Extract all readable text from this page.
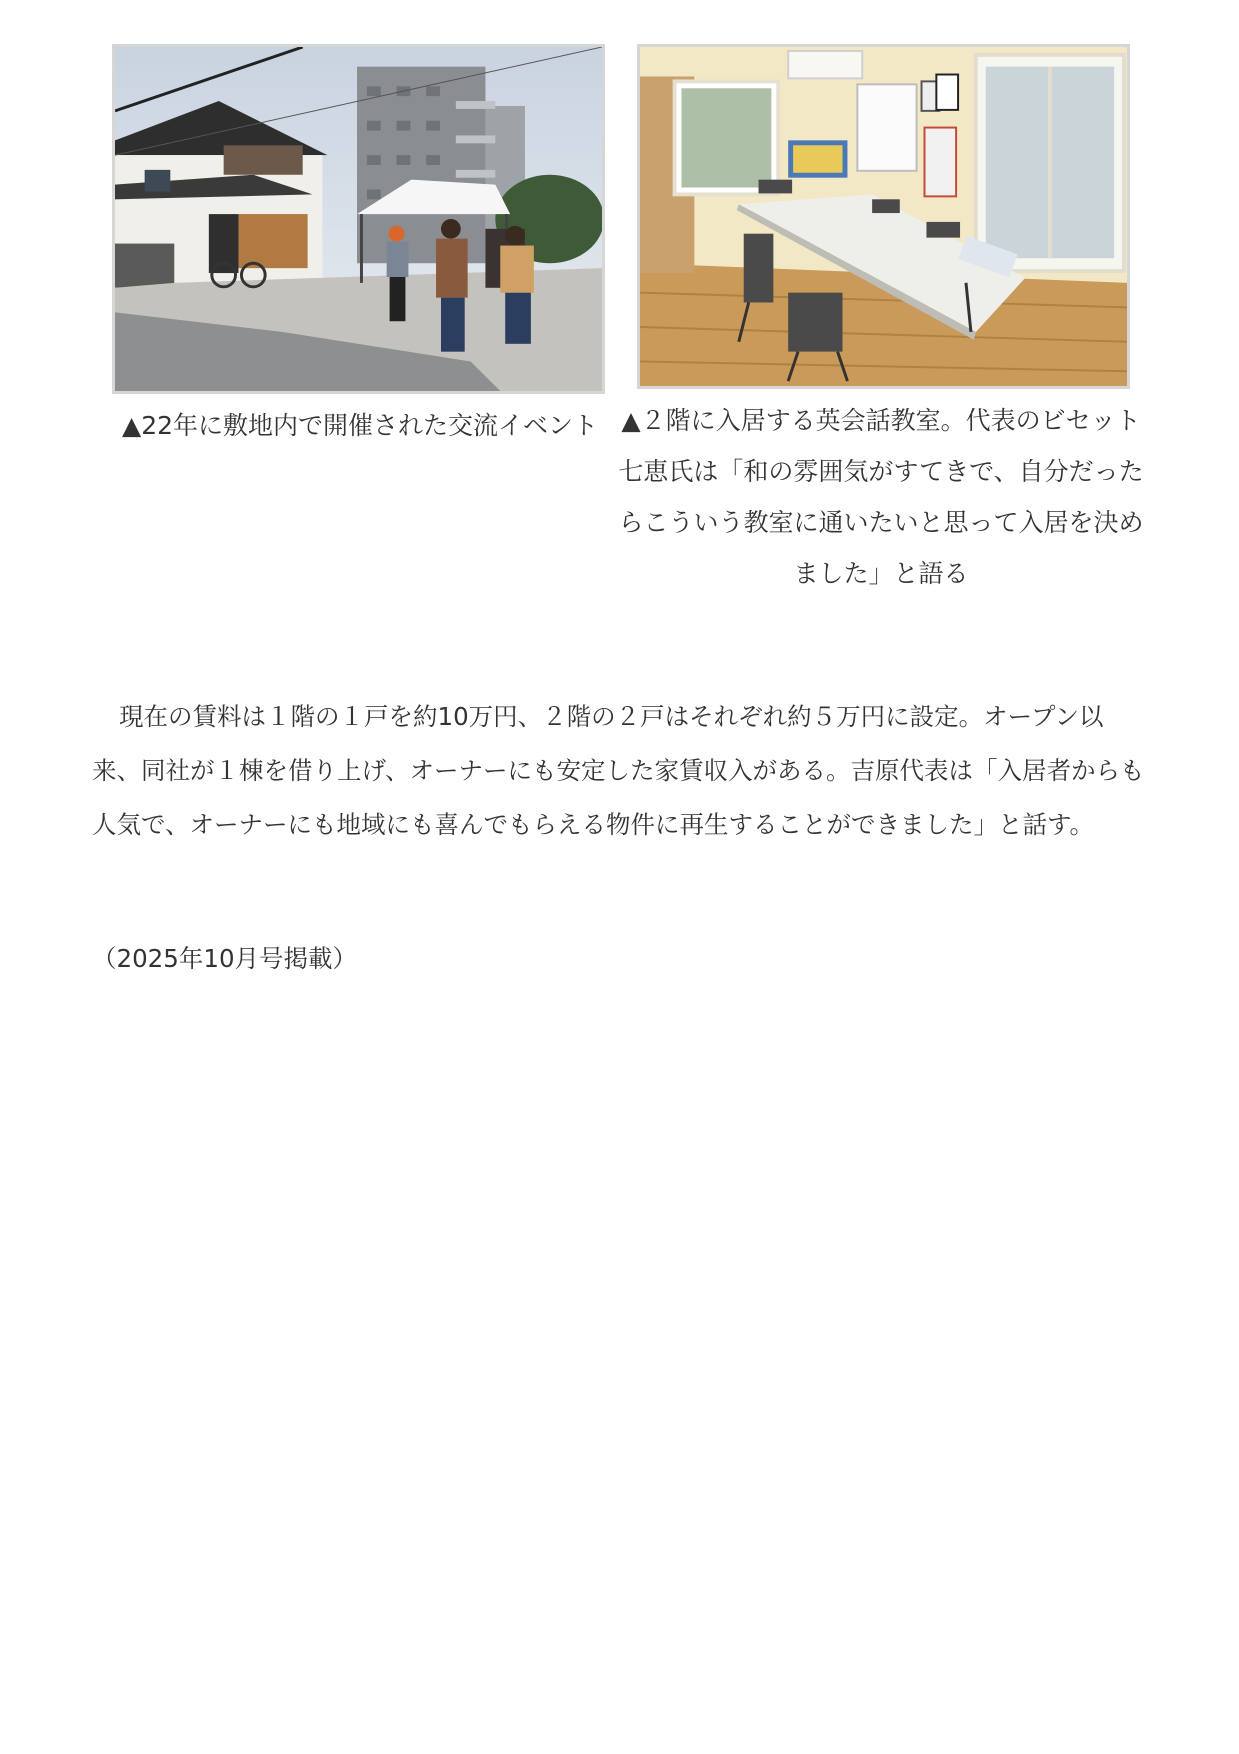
▲22年に敷地内で開催された交流イベント ▲２階に入居する英会話教室。代表のビセット七恵氏は「和の雰囲気がすてきで、自分だったらこういう教室に通いたいと思って入居を決めました」と語る

現在の賃料は１階の１戸を約10万円、２階の２戸はそれぞれ約５万円に設定。オープン以来、同社が１棟を借り上げ、オーナーにも安定した家賃収入がある。吉原代表は「入居者からも人気で、オーナーにも地域にも喜んでもらえる物件に再生することができました」と話す。

（2025年10月号掲載）
